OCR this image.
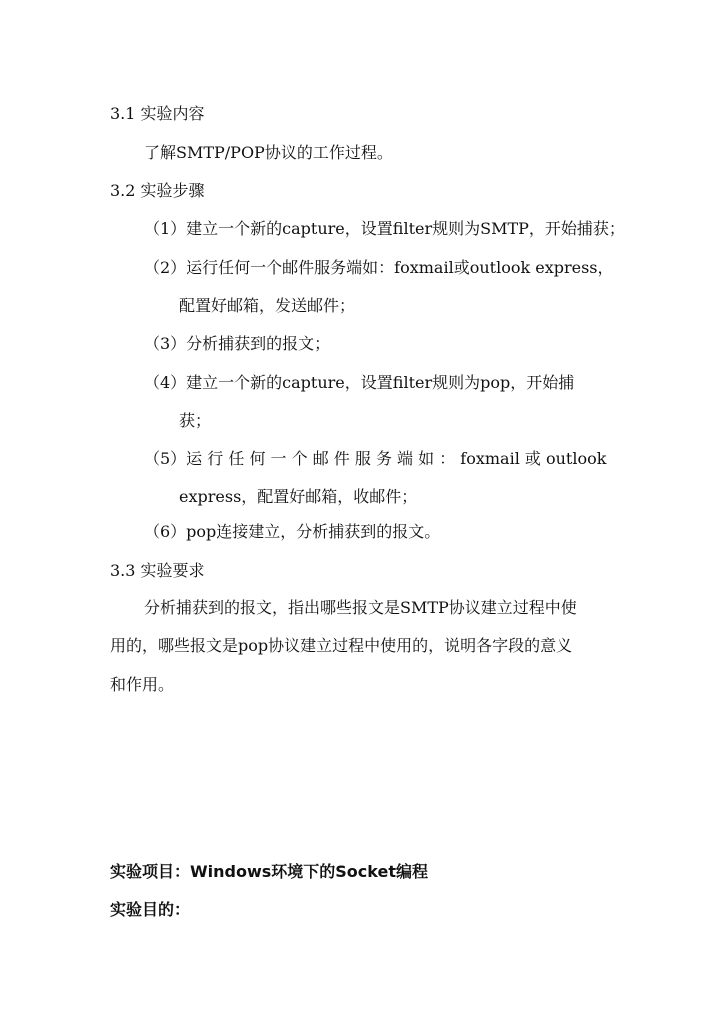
3.1 实验内容
了解SMTP/POP协议的工作过程。
3.2 实验步骤
（1）建立一个新的capture，设置filter规则为SMTP，开始捕获；
（2）运行任何一个邮件服务端如：foxmail或outlook express，
配置好邮箱，发送邮件；
（3）分析捕获到的报文；
（4）建立一个新的capture，设置filter规则为pop，开始捕
获；
（5）运 行 任 何 一 个 邮 件 服 务 端 如 ： foxmail 或 outlook
express，配置好邮箱，收邮件；
（6）pop连接建立，分析捕获到的报文。
3.3 实验要求
分析捕获到的报文，指出哪些报文是SMTP协议建立过程中使
用的，哪些报文是pop协议建立过程中使用的，说明各字段的意义
和作用。
实验项目：Windows环境下的Socket编程
实验目的：
